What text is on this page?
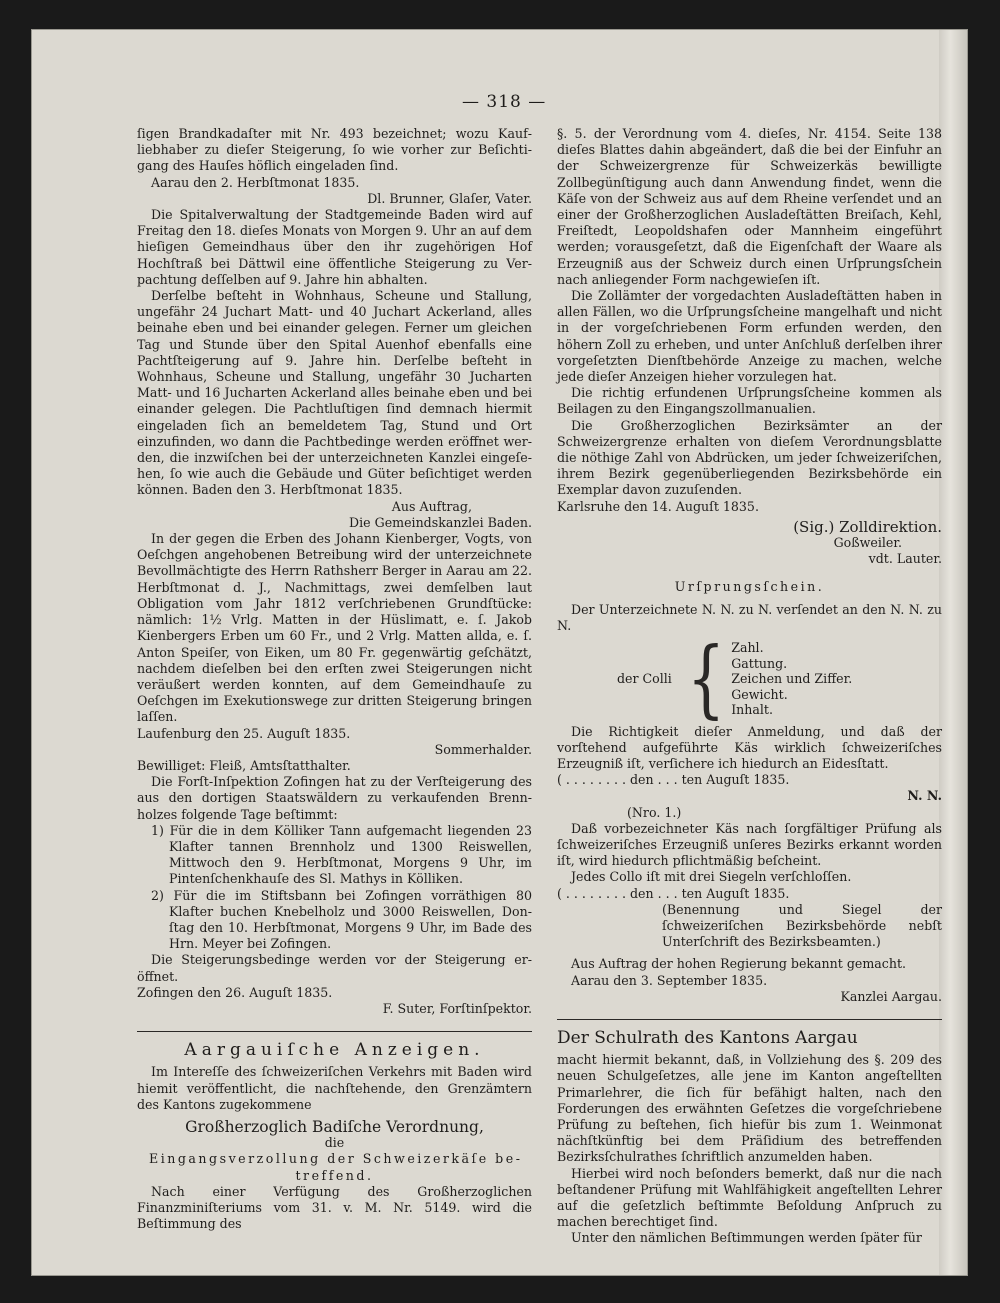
— 318 —

ſigen Brandkadaſter mit Nr. 493 bezeichnet; wozu Kaufliebhaber zu dieſer Steigerung, ſo wie vorher zur Beſichtigang des Hauſes höflich eingeladen ſind.

Aarau den 2. Herbſtmonat 1835.

Dl. Brunner, Glaſer, Vater.

Die Spitalverwaltung der Stadtgemeinde Baden wird auf Freitag den 18. dieſes Monats von Morgen 9. Uhr an auf dem hieſigen Gemeindhaus über den ihr zugehörigen Hof Hochſtraß bei Dättwil eine öffentliche Steigerung zu Verpachtung deſſelben auf 9. Jahre hin abhalten.

Derſelbe beſteht in Wohnhaus, Scheune und Stallung, ungefähr 24 Juchart Matt- und 40 Juchart Ackerland, alles beinahe eben und bei einander gelegen. Ferner um gleichen Tag und Stunde über den Spital Auenhof ebenfalls eine Pachtſteigerung auf 9. Jahre hin. Derſelbe beſteht in Wohnhaus, Scheune und Stallung, ungefähr 30 Jucharten Matt- und 16 Jucharten Ackerland alles beinahe eben und bei einander gelegen. Die Pachtluſtigen ſind demnach hiermit eingeladen ſich an bemeldetem Tag, Stund und Ort einzufinden, wo dann die Pachtbedinge werden eröffnet werden, die inzwiſchen bei der unterzeichneten Kanzlei eingeſehen, ſo wie auch die Gebäude und Güter beſichtiget werden können. Baden den 3. Herbſtmonat 1835.

Aus Auftrag,

Die Gemeindskanzlei Baden.

In der gegen die Erben des Johann Kienberger, Vogts, von Oeſchgen angehobenen Betreibung wird der unterzeichnete Bevollmächtigte des Herrn Rathsherr Berger in Aarau am 22. Herbſtmonat d. J., Nachmittags, zwei demſelben laut Obligation vom Jahr 1812 verſchriebenen Grundſtücke: nämlich: 1½ Vrlg. Matten in der Hüslimatt, e. ſ. Jakob Kienbergers Erben um 60 Fr., und 2 Vrlg. Matten allda, e. ſ. Anton Speiſer, von Eiken, um 80 Fr. gegenwärtig geſchätzt, nachdem dieſelben bei den erſten zwei Steigerungen nicht veräußert werden konnten, auf dem Gemeindhauſe zu Oeſchgen im Exekutionswege zur dritten Steigerung bringen laſſen.

Laufenburg den 25. Auguſt 1835.

Sommerhalder.

Bewilliget: Fleiß, Amtsſtatthalter.

Die Forſt-Inſpektion Zofingen hat zu der Verſteigerung des aus den dortigen Staatswäldern zu verkaufenden Brennholzes folgende Tage beſtimmt:

1) Für die in dem Kölliker Tann aufgemacht liegenden 23 Klafter tannen Brennholz und 1300 Reiswellen, Mittwoch den 9. Herbſtmonat, Morgens 9 Uhr, im Pintenſchenkhauſe des Sl. Mathys in Kölliken.
2) Für die im Stiftsbann bei Zofingen vorräthigen 80 Klafter buchen Knebelholz und 3000 Reiswellen, Donſtag den 10. Herbſtmonat, Morgens 9 Uhr, im Bade des Hrn. Meyer bei Zofingen.

Die Steigerungsbedinge werden vor der Steigerung eröffnet.

Zofingen den 26. Auguſt 1835.

F. Suter, Forſtinſpektor.

Aargauiſche Anzeigen.

Im Intereſſe des ſchweizeriſchen Verkehrs mit Baden wird hiemit veröffentlicht, die nachſtehende, den Grenzämtern des Kantons zugekommene

Großherzoglich Badiſche Verordnung,

die

Eingangsverzollung der Schweizerkäſe betreffend.

Nach einer Verfügung des Großherzoglichen Finanzminiſteriums vom 31. v. M. Nr. 5149. wird die Beſtimmung des

§. 5. der Verordnung vom 4. dieſes, Nr. 4154. Seite 138 dieſes Blattes dahin abgeändert, daß die bei der Einfuhr an der Schweizergrenze für Schweizerkäs bewilligte Zollbegünſtigung auch dann Anwendung findet, wenn die Käſe von der Schweiz aus auf dem Rheine verſendet und an einer der Großherzoglichen Ausladeſtätten Breiſach, Kehl, Freiſtedt, Leopoldshafen oder Mannheim eingeführt werden; vorausgeſetzt, daß die Eigenſchaft der Waare als Erzeugniß aus der Schweiz durch einen Urſprungsſchein nach anliegender Form nachgewieſen iſt.

Die Zollämter der vorgedachten Ausladeſtätten haben in allen Fällen, wo die Urſprungsſcheine mangelhaft und nicht in der vorgeſchriebenen Form erfunden werden, den höhern Zoll zu erheben, und unter Anſchluß derſelben ihrer vorgeſetzten Dienſtbehörde Anzeige zu machen, welche jede dieſer Anzeigen hieher vorzulegen hat.

Die richtig erfundenen Urſprungsſcheine kommen als Beilagen zu den Eingangszollmanualien.

Die Großherzoglichen Bezirksämter an der Schweizergrenze erhalten von dieſem Verordnungsblatte die nöthige Zahl von Abdrücken, um jeder ſchweizeriſchen, ihrem Bezirk gegenüberliegenden Bezirksbehörde ein Exemplar davon zuzuſenden.

Karlsruhe den 14. Auguſt 1835.

(Sig.) Zolldirektion.

Goßweiler.

vdt. Lauter.

Urſprungsſchein.

Der Unterzeichnete N. N. zu N. verſendet an den N. N. zu N.

der Colli { Zahl.
Gattung.
Zeichen und Ziffer.
Gewicht.
Inhalt.

Die Richtigkeit dieſer Anmeldung, und daß der vorſtehend aufgeführte Käs wirklich ſchweizeriſches Erzeugniß iſt, verſichere ich hiedurch an Eidesſtatt.

( . . . . . . . . den . . . ten Auguſt 1835.

N. N.

(Nro. 1.)

Daß vorbezeichneter Käs nach ſorgfältiger Prüfung als ſchweizeriſches Erzeugniß unſeres Bezirks erkannt worden iſt, wird hiedurch pflichtmäßig beſcheint.

Jedes Collo iſt mit drei Siegeln verſchloſſen.

( . . . . . . . . den . . . ten Auguſt 1835.

(Benennung und Siegel der ſchweizeriſchen Bezirksbehörde nebſt Unterſchrift des Bezirksbeamten.)

Aus Auftrag der hohen Regierung bekannt gemacht.

Aarau den 3. September 1835.

Kanzlei Aargau.

Der Schulrath des Kantons Aargau

macht hiermit bekannt, daß, in Vollziehung des §. 209 des neuen Schulgeſetzes, alle jene im Kanton angeſtellten Primarlehrer, die ſich für befähigt halten, nach den Forderungen des erwähnten Geſetzes die vorgeſchriebene Prüfung zu beſtehen, ſich hiefür bis zum 1. Weinmonat nächſtkünftig bei dem Präſidium des betreffenden Bezirksſchulrathes ſchriftlich anzumelden haben.

Hierbei wird noch beſonders bemerkt, daß nur die nach beſtandener Prüfung mit Wahlfähigkeit angeſtellten Lehrer auf die geſetzlich beſtimmte Beſoldung Anſpruch zu machen berechtiget ſind.

Unter den nämlichen Beſtimmungen werden ſpäter für
